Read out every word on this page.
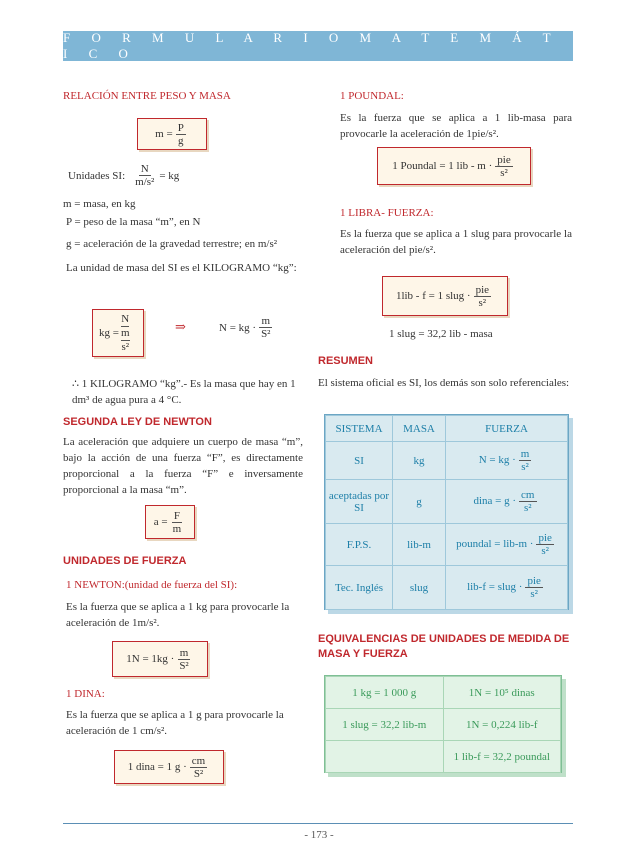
F O R M U L A R I O M A T E M Á T I C O
RELACIÓN ENTRE PESO Y MASA
$m = \frac{P}{g}$
Unidades SI: $\frac{N}{\text{m/s²}}$ = kg
m = masa, en kg
P = peso de la masa “m”, en N
g = aceleración de la gravedad terrestre; en m/s²
La unidad de masa del SI es el KILOGRAMO “kg”:
kg =
N
m
s²
⇒	N = kg · $\frac{m}{\text{S²}}$
∴ 1 KILOGRAMO “kg”.- Es la masa que hay en 1 dm³ de agua pura a 4 °C.
SEGUNDA LEY DE NEWTON
La aceleración que adquiere un cuerpo de masa “m”, bajo la acción de una fuerza “F”, es directamente proporcional a la fuerza “F” e inversamente proporcional a la masa “m”.
$a = \frac{F}{m}$
UNIDADES DE FUERZA
1 NEWTON:(unidad de fuerza del SI):
Es la fuerza que se aplica a 1 kg para provocarle la aceleración de 1m/s².
$1N = 1kg \cdot \frac{m}{\text{S²}}$
1 DINA:
Es la fuerza que se aplica a 1 g para provocarle la aceleración de 1 cm/s².
1 dina = 1 $g \cdot \frac{cm}{\text{S²}}$
1 POUNDAL:
Es la fuerza que se aplica a 1 lib-masa para provocarle la aceleración de 1pie/s².
1 Poundal = 1 lib - $m \cdot \frac{\text{pie}}{\text{s²}}$
1 LIBRA- FUERZA:
Es la fuerza que se aplica a 1 slug para provocarle la aceleración del pie/s².
1lib - f = 1 slug · $\frac{\text{pie}}{\text{s²}}$
1 slug = 32,2 lib - masa
RESUMEN
El sistema oficial es SI, los demás son solo referenciales:
SISTEMA	MASA	FUERZA
SI	kg	N = kg · $\frac{m}{\text{s²}}$

aceptadas por SI	g	dina = $g \cdot \frac{cm}{\text{s²}}$

F.P.S.	lib-m	poundal = $lib-m \cdot \frac{\text{pie}}{\text{s²}}$

Tec. Inglés	slug	lib-f = slug · $\frac{\text{pie}}{\text{s²}}$
EQUIVALENCIAS DE UNIDADES DE MEDIDA DE MASA Y FUERZA
1 kg = 1 000 g	1N = 10⁵ dinas
1 slug = 32,2 lib-m	1N = 0,224 lib-f
	1 lib-f = 32,2 poundal
- 173 -
